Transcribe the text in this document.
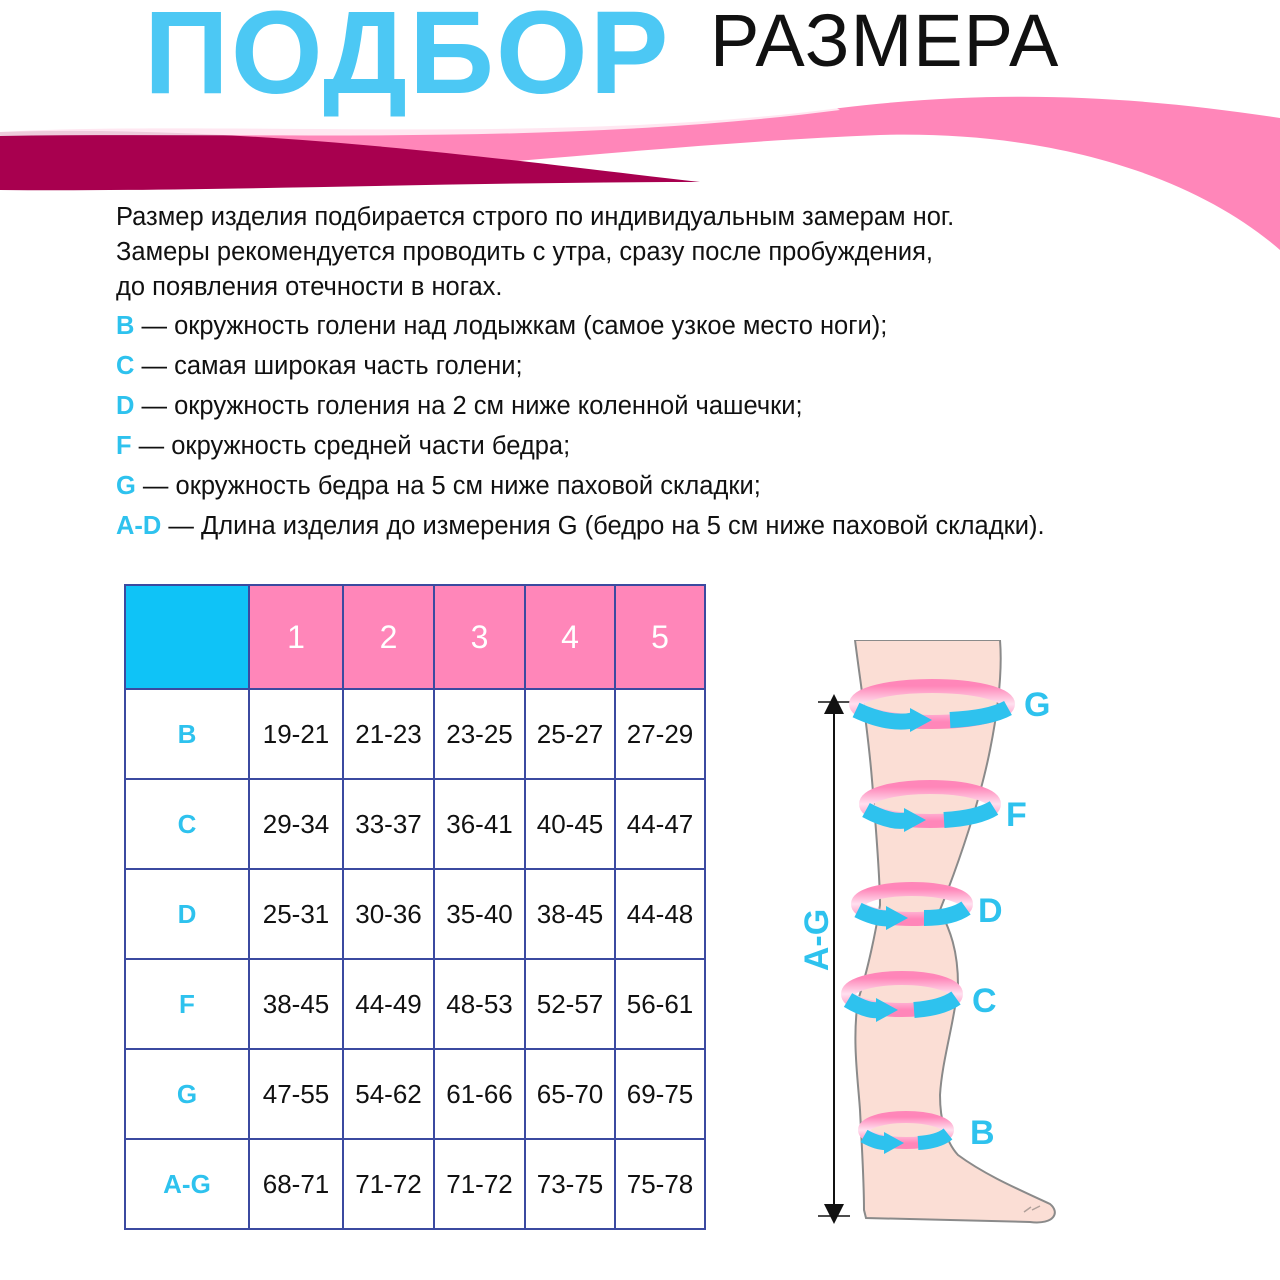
ПОДБОР РАЗМЕРА

Размер изделия подбирается строго по индивидуальным замерам ног.

Замеры рекомендуется проводить с утра, сразу после пробуждения,

до появления отечности в ногах.

B — окружность голени над лодыжкам (самое узкое место ноги);
C — самая широкая часть голени;
D — окружность голения на 2 см ниже коленной чашечки;
F — окружность средней части бедра;
G — окружность бедра на 5 см ниже паховой складки;
A-D — Длина изделия до измерения G (бедро на 5 см ниже паховой складки).
	1	2	3	4	5
B	19-21	21-23	23-25	25-27	27-29
C	29-34	33-37	36-41	40-45	44-47
D	25-31	30-36	35-40	38-45	44-48
F	38-45	44-49	48-53	52-57	56-61
G	47-55	54-62	61-66	65-70	69-75
A-G	68-71	71-72	71-72	73-75	75-78
A-G
G
F
D
C
B
